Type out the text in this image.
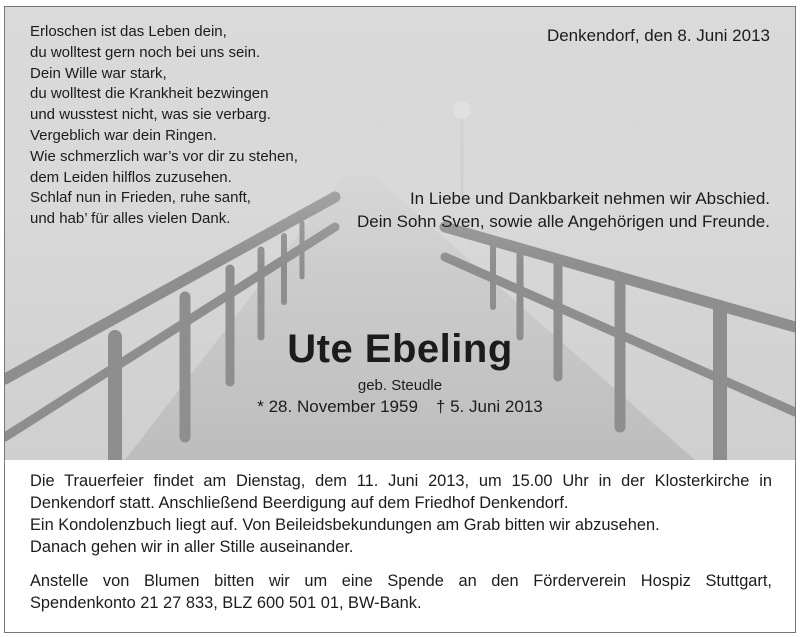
Erloschen ist das Leben dein,
du wolltest gern noch bei uns sein.
Dein Wille war stark,
du wolltest die Krankheit bezwingen
und wusstest nicht, was sie verbarg.
Vergeblich war dein Ringen.
Wie schmerzlich war’s vor dir zu stehen,
dem Leiden hilflos zuzusehen.
Schlaf nun in Frieden, ruhe sanft,
und hab’ für alles vielen Dank.
Denkendorf, den 8. Juni 2013
In Liebe und Dankbarkeit nehmen wir Abschied.
Dein Sohn Sven, sowie alle Angehörigen und Freunde.
Ute Ebeling
geb. Steudle
* 28. November 1959 † 5. Juni 2013
Die Trauerfeier findet am Dienstag, dem 11. Juni 2013, um 15.00 Uhr in der Klosterkirche in
Denkendorf statt. Anschließend Beerdigung auf dem Friedhof Denkendorf.
Ein Kondolenzbuch liegt auf. Von Beileidsbekundungen am Grab bitten wir abzusehen.
Danach gehen wir in aller Stille auseinander.
Anstelle von Blumen bitten wir um eine Spende an den Förderverein Hospiz Stuttgart,
Spendenkonto 21 27 833, BLZ 600 501 01, BW-Bank.
